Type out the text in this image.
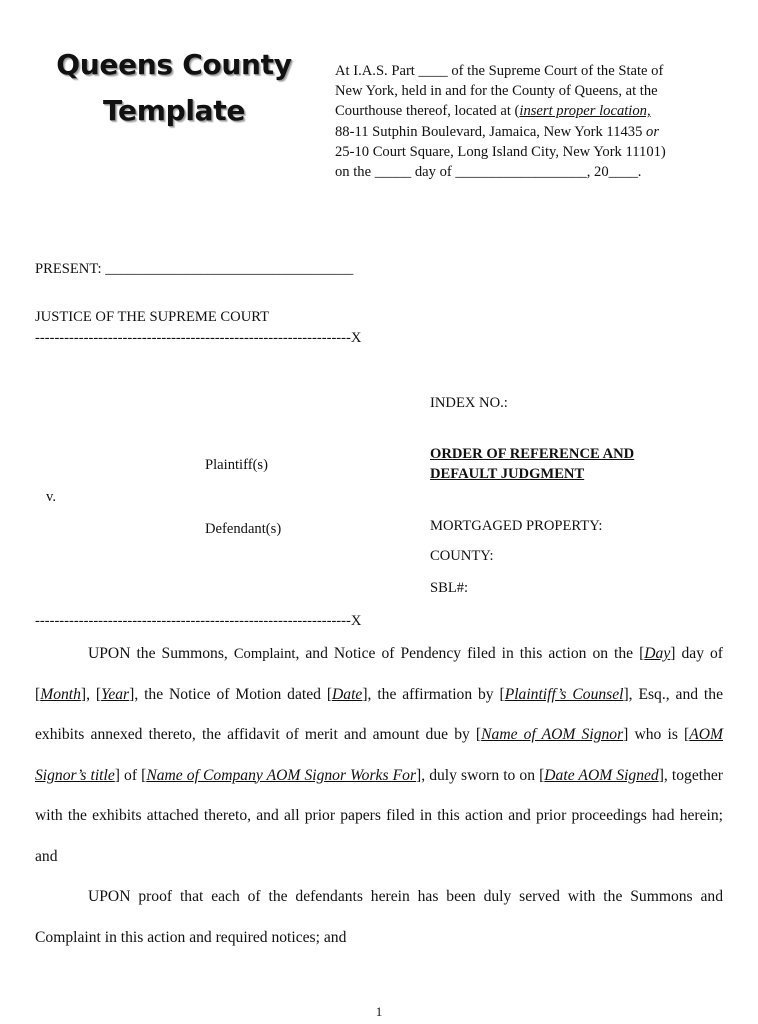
Queens County
Template
At I.A.S. Part ____ of the Supreme Court of the State of
New York, held in and for the County of Queens, at the
Courthouse thereof, located at (insert proper location,
88-11 Sutphin Boulevard, Jamaica, New York 11435 or
25-10 Court Square, Long Island City, New York 11101)
on the _____ day of __________________, 20____.
PRESENT: __________________________________
JUSTICE OF THE SUPREME COURT
-----------------------------------------------------------------X
INDEX NO.:
ORDER OF REFERENCE AND
DEFAULT JUDGMENT
MORTGAGED PROPERTY:
COUNTY:
SBL#:
Plaintiff(s)
v.
Defendant(s)
-----------------------------------------------------------------X

UPON the Summons, Complaint, and Notice of Pendency filed in this action on the [Day] day of [Month], [Year], the Notice of Motion dated [Date], the affirmation by [Plaintiff’s Counsel], Esq., and the exhibits annexed thereto, the affidavit of merit and amount due by [Name of AOM Signor] who is [AOM Signor’s title] of [Name of Company AOM Signor Works For], duly sworn to on [Date AOM Signed], together with the exhibits attached thereto, and all prior papers filed in this action and prior proceedings had herein; and

UPON proof that each of the defendants herein has been duly served with the Summons and Complaint in this action and required notices; and

1
